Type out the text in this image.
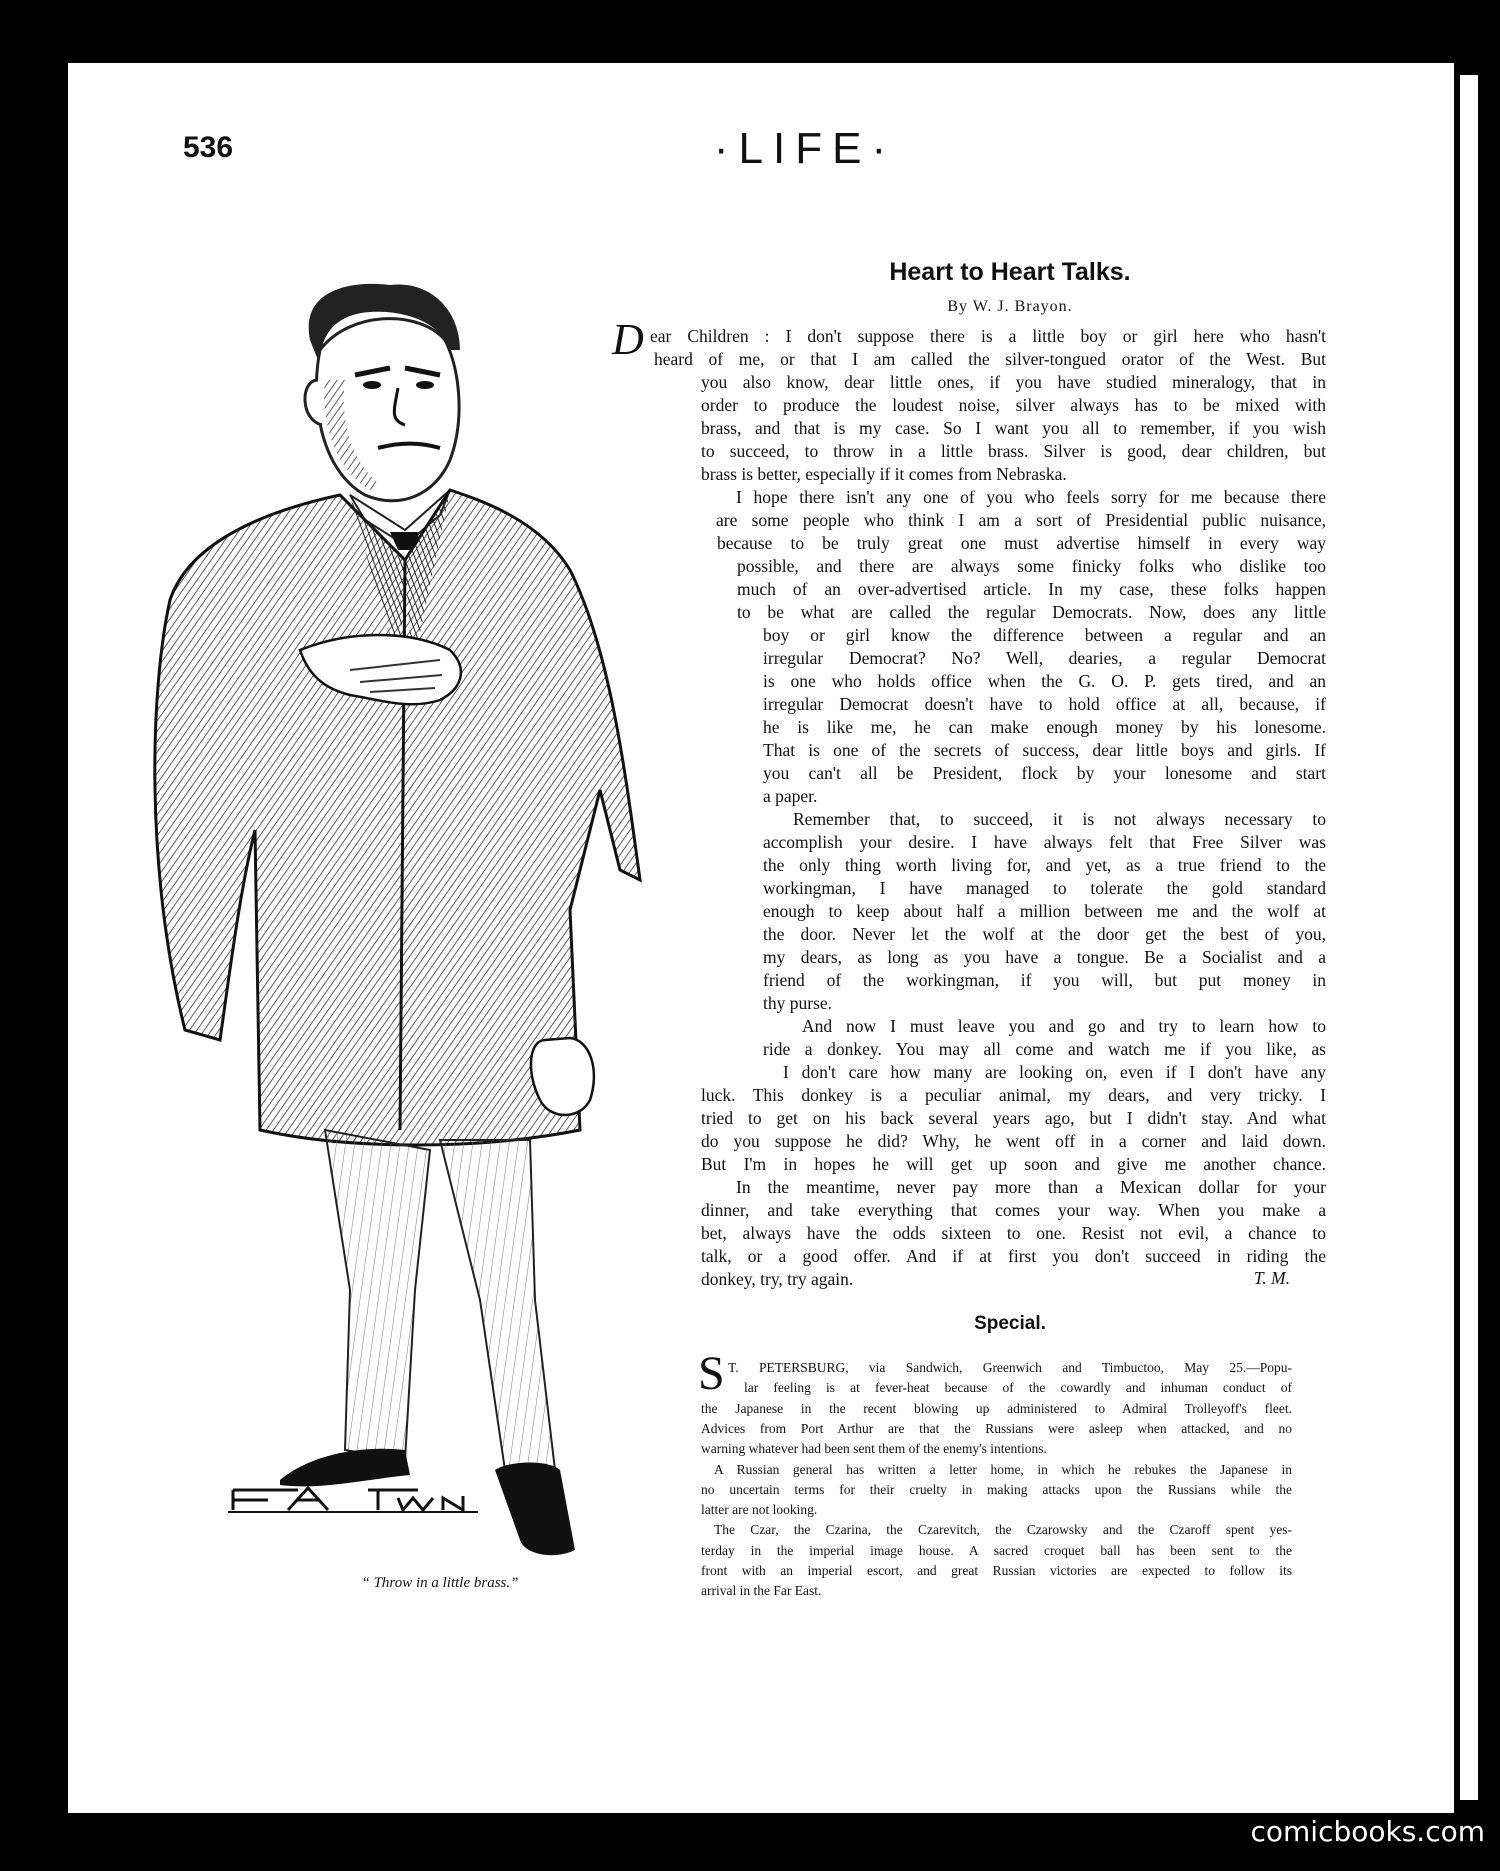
536	·LIFE·
“ Throw in a little brass.”
Heart to Heart Talks.
By W. J. Brayon.
D ear Children : I don't suppose there is a little boy or girl here who hasn't
heard of me, or that I am called the silver-tongued orator of the West. But
you also know, dear little ones, if you have studied mineralogy, that in
order to produce the loudest noise, silver always has to be mixed with
brass, and that is my case. So I want you all to remember, if you wish
to succeed, to throw in a little brass. Silver is good, dear children, but
brass is better, especially if it comes from Nebraska.
I hope there isn't any one of you who feels sorry for me because there
are some people who think I am a sort of Presidential public nuisance,
because to be truly great one must advertise himself in every way
possible, and there are always some finicky folks who dislike too
much of an over-advertised article. In my case, these folks happen
to be what are called the regular Democrats. Now, does any little
boy or girl know the difference between a regular and an
irregular Democrat? No? Well, dearies, a regular Democrat
is one who holds office when the G. O. P. gets tired, and an
irregular Democrat doesn't have to hold office at all, because, if
he is like me, he can make enough money by his lonesome.
That is one of the secrets of success, dear little boys and girls. If
you can't all be President, flock by your lonesome and start
a paper.
Remember that, to succeed, it is not always necessary to
accomplish your desire. I have always felt that Free Silver was
the only thing worth living for, and yet, as a true friend to the
workingman, I have managed to tolerate the gold standard
enough to keep about half a million between me and the wolf at
the door. Never let the wolf at the door get the best of you,
my dears, as long as you have a tongue. Be a Socialist and a
friend of the workingman, if you will, but put money in
thy purse.
And now I must leave you and go and try to learn how to
ride a donkey. You may all come and watch me if you like, as
I don't care how many are looking on, even if I don't have any
luck. This donkey is a peculiar animal, my dears, and very tricky. I
tried to get on his back several years ago, but I didn't stay. And what
do you suppose he did? Why, he went off in a corner and laid down.
But I'm in hopes he will get up soon and give me another chance.
In the meantime, never pay more than a Mexican dollar for your
dinner, and take everything that comes your way. When you make a
bet, always have the odds sixteen to one. Resist not evil, a chance to
talk, or a good offer. And if at first you don't succeed in riding the
donkey, try, try again.	T. M.
Special.
S T. PETERSBURG, via Sandwich, Greenwich and Timbuctoo, May 25.—Popu-
lar feeling is at fever-heat because of the cowardly and inhuman conduct of
the Japanese in the recent blowing up administered to Admiral Trolleyoff's fleet.
Advices from Port Arthur are that the Russians were asleep when attacked, and no
warning whatever had been sent them of the enemy's intentions.
A Russian general has written a letter home, in which he rebukes the Japanese in
no uncertain terms for their cruelty in making attacks upon the Russians while the
latter are not looking.
The Czar, the Czarina, the Czarevitch, the Czarowsky and the Czaroff spent yes-
terday in the imperial image house. A sacred croquet ball has been sent to the
front with an imperial escort, and great Russian victories are expected to follow its
arrival in the Far East.
comicbooks.com
